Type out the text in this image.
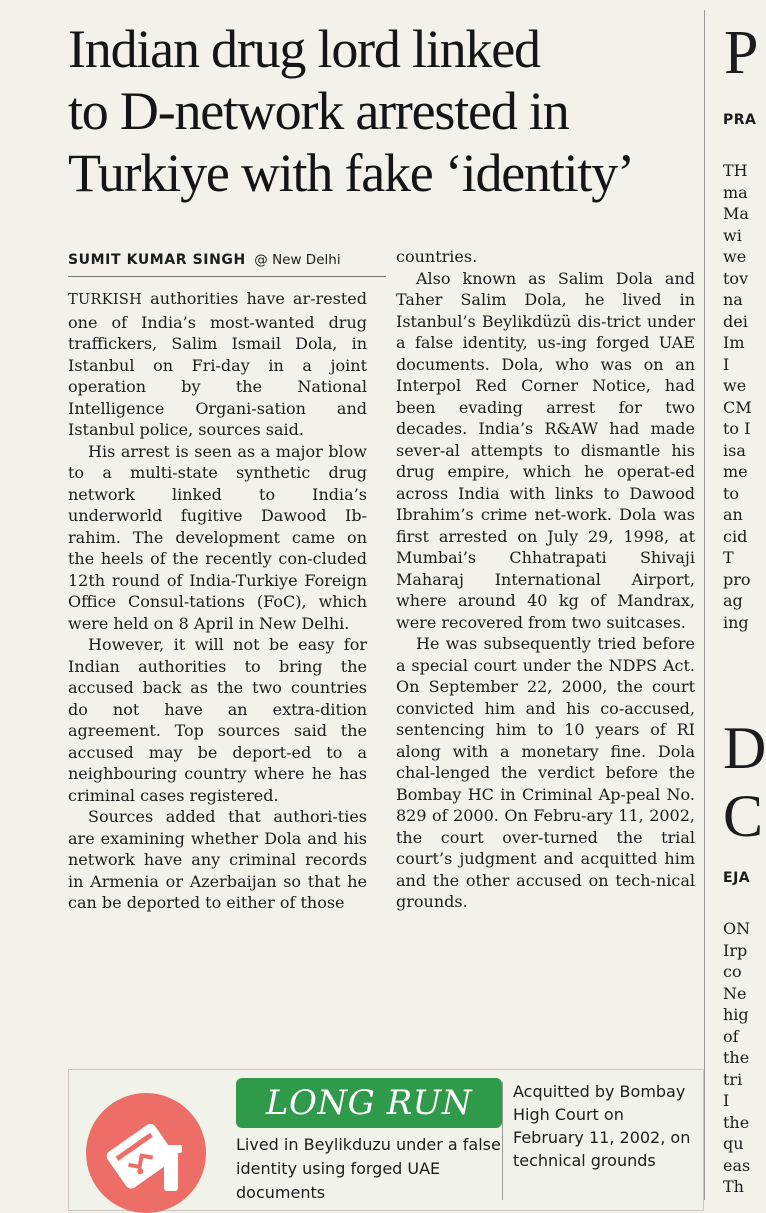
Indian drug lord linked
to D-network arrested in
Turkiye with fake ‘identity’
SUMIT KUMAR SINGH @ New Delhi

TURKISH authorities have ar-rested one of India’s most-wanted drug traffickers, Salim Ismail Dola, in Istanbul on Fri-day in a joint operation by the National Intelligence Organi-sation and Istanbul police, sources said.

His arrest is seen as a major blow to a multi-state synthetic drug network linked to India’s underworld fugitive Dawood Ib-rahim. The development came on the heels of the recently con-cluded 12th round of India-Turkiye Foreign Office Consul-tations (FoC), which were held on 8 April in New Delhi.

However, it will not be easy for Indian authorities to bring the accused back as the two countries do not have an extra-dition agreement. Top sources said the accused may be deport-ed to a neighbouring country where he has criminal cases registered.

Sources added that authori-ties are examining whether Dola and his network have any criminal records in Armenia or Azerbaijan so that he can be deported to either of those

countries.

Also known as Salim Dola and Taher Salim Dola, he lived in Istanbul’s Beylikdüzü dis-trict under a false identity, us-ing forged UAE documents. Dola, who was on an Interpol Red Corner Notice, had been evading arrest for two decades. India’s R&AW had made sever-al attempts to dismantle his drug empire, which he operat-ed across India with links to Dawood Ibrahim’s crime net-work. Dola was first arrested on July 29, 1998, at Mumbai’s Chhatrapati Shivaji Maharaj International Airport, where around 40 kg of Mandrax, were recovered from two suitcases.

He was subsequently tried before a special court under the NDPS Act. On September 22, 2000, the court convicted him and his co-accused, sentencing him to 10 years of RI along with a monetary fine. Dola chal-lenged the verdict before the Bombay HC in Criminal Ap-peal No. 829 of 2000. On Febru-ary 11, 2002, the court over-turned the trial court’s judgment and acquitted him and the other accused on tech-nical grounds.

P
PRA
TH
ma
Ma
wi
we
tov
na
dei
Im
I
we
CM
to I
isa
me
to
an
cid
T
pro
ag
ing
D
C
EJA
ON
Irp
co
Ne
hig
of
the
tri
I
the
qu
eas
Th
LONG RUN
Lived in Beylikduzu under a false identity using forged UAE documents
Acquitted by Bombay High Court on February 11, 2002, on technical grounds
